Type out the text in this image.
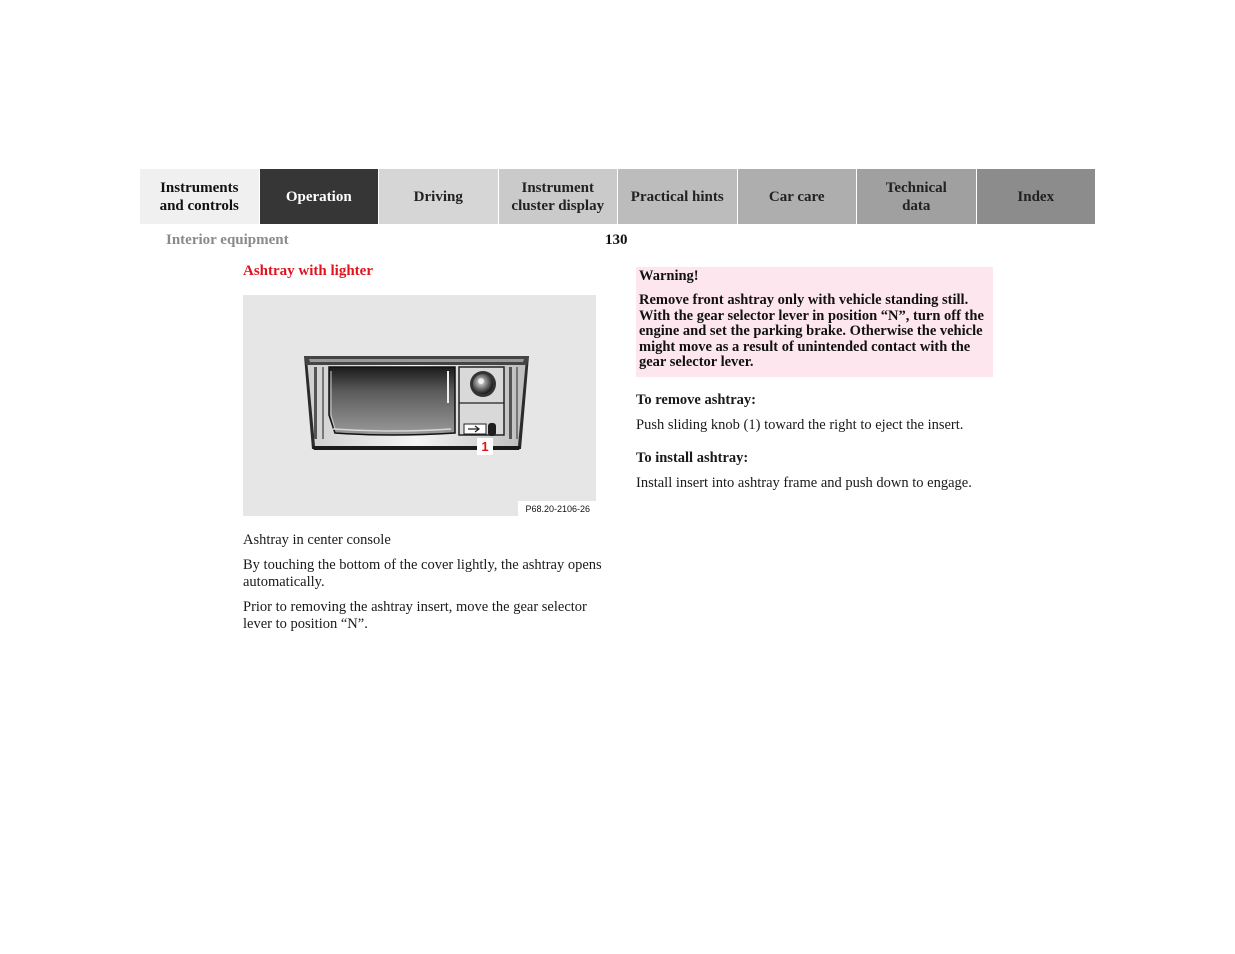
Instruments
and controls
Operation	Driving
Instrument
cluster display
Practical hints	Car care
Technical
data
Index
Interior equipment	130
Ashtray with lighter
1
P68.20-2106-26

Ashtray in center console

By touching the bottom of the cover lightly, the ashtray opens automatically.

Prior to removing the ashtray insert, move the gear selector lever to position “N”.

Warning!

Remove front ashtray only with vehicle standing still. With the gear selector lever in position “N”, turn off the engine and set the parking brake. Otherwise the vehicle might move as a result of unintended contact with the gear selector lever.

To remove ashtray:

Push sliding knob (1) toward the right to eject the insert.

To install ashtray:

Install insert into ashtray frame and push down to engage.
